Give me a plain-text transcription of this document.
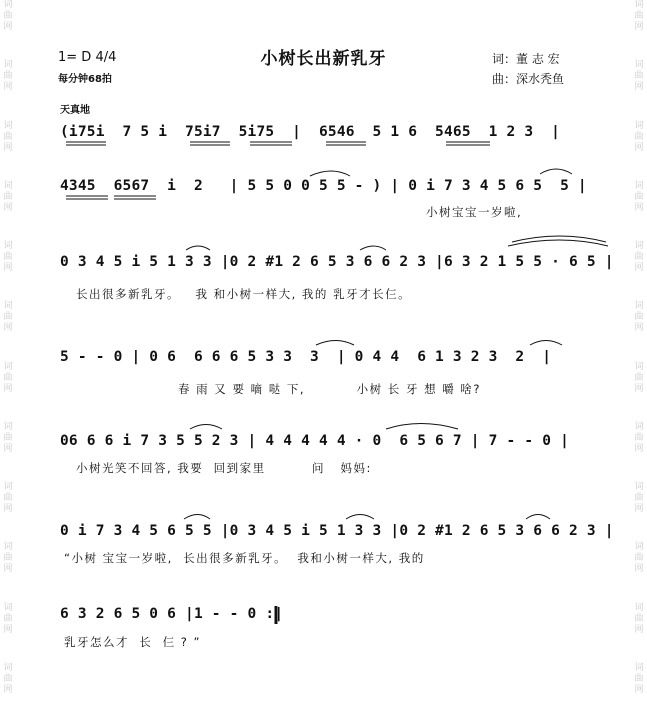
词
曲
网
词
曲
网
词
曲
网
词
曲
网
词
曲
网
词
曲
网
词
曲
网
词
曲
网
词
曲
网
词
曲
网
词
曲
网
词
曲
网
词
曲
网
词
曲
网
词
曲
网
词
曲
网
词
曲
网
词
曲
网
词
曲
网
词
曲
网
词
曲
网
词
曲
网
词
曲
网
词
曲
网
小树长出新乳牙
1= D 4/4
每分钟68拍
词：董 志 宏
曲：深水秃鱼
天真地
(i75i  7 5 i  75i7  5i75  |  6546  5 1 6  5465  1 2 3  |
4345  6567  i  2   | 5 5 0 0 5 5 - ) | 0 i 7 3 4 5 6 5  5 |
小树宝宝一岁啦,
0 3 4 5 i 5 1 3 3 |0 2 #1 2 6 5 3 6 6 2 3 |6 3 2 1 5 5 · 6 5 |
长出很多新乳牙。   我 和小树一样大, 我的 乳牙才长仨。
5 - - 0 | 0 6  6 6 6 5 3 3  3  | 0 4 4  6 1 3 2 3  2  |
春 雨 又 要 嘀 哒 下,          小树 长 牙 想 嚼 啥?
06 6 6 i 7 3 5 5 2 3 | 4 4 4 4 4 · 0  6 5 6 7 | 7 - - 0 |
小树光笑不回答, 我要  回到家里         问   妈妈:
0 i 7 3 4 5 6 5 5 |0 3 4 5 i 5 1 3 3 |0 2 #1 2 6 5 3 6 6 2 3 |
“小树 宝宝一岁啦,  长出很多新乳牙。  我和小树一样大, 我的
6 3 2 6 5 0 6 |1 - - 0 :|
乳牙怎么才  长  仨 ? ”
